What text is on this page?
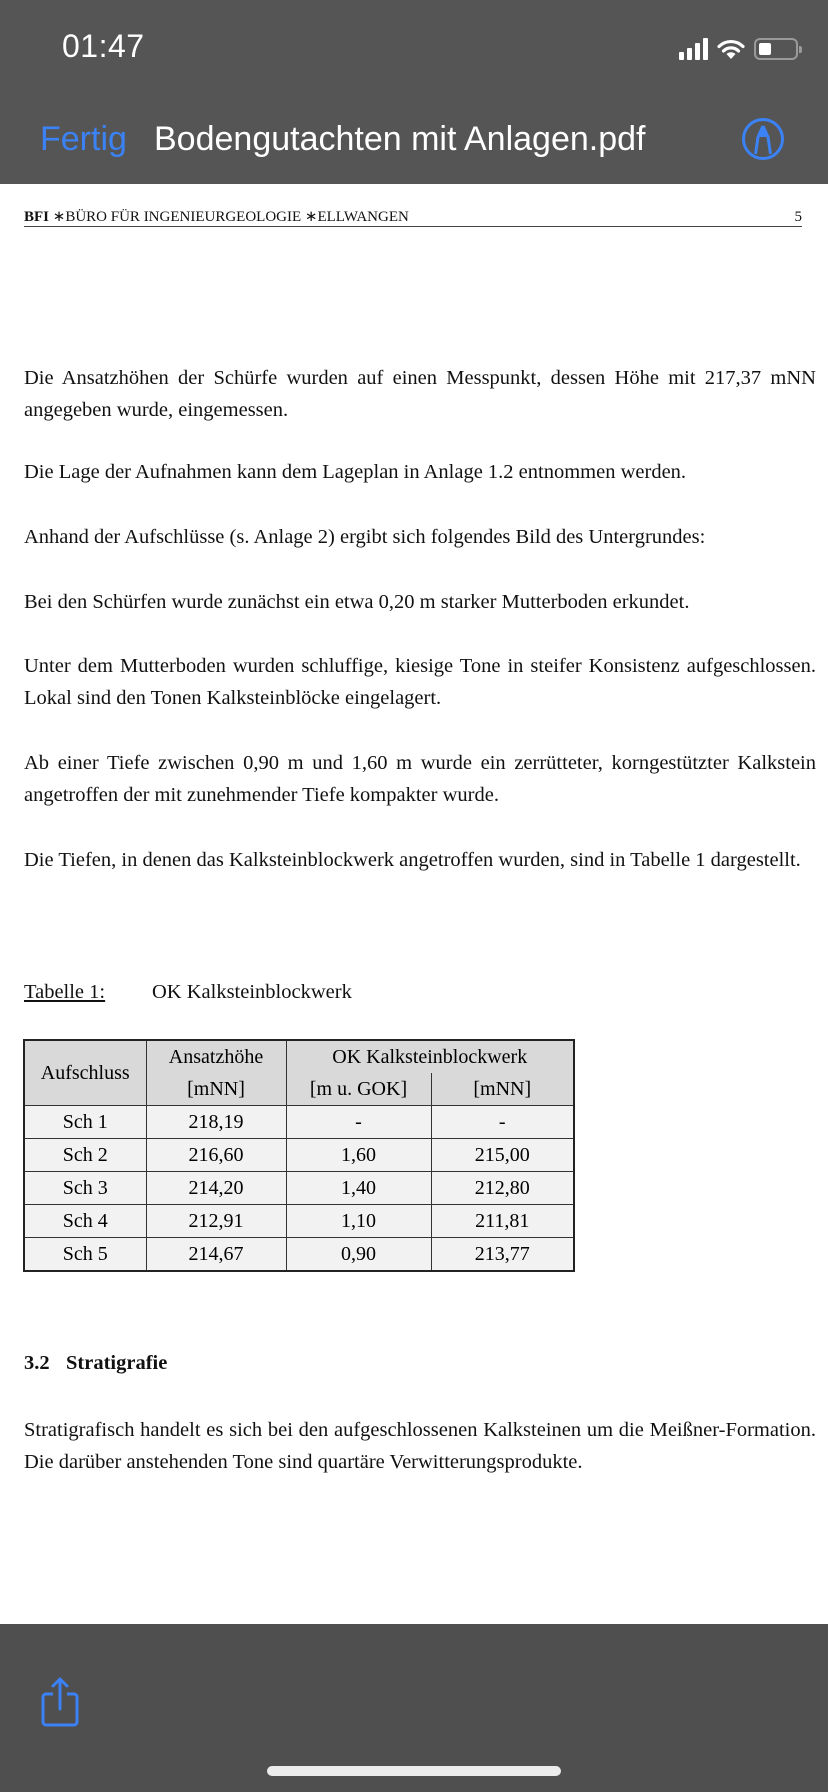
01:47
Fertig Bodengutachten mit Anlagen.pdf
BFI ∗BÜRO FÜR INGENIEURGEOLOGIE ∗ELLWANGEN	5
Die Ansatzhöhen der Schürfe wurden auf einen Messpunkt, dessen Höhe mit 217,37 mNN angegeben wurde, eingemessen.
Die Lage der Aufnahmen kann dem Lageplan in Anlage 1.2 entnommen werden.
Anhand der Aufschlüsse (s. Anlage 2) ergibt sich folgendes Bild des Untergrundes:
Bei den Schürfen wurde zunächst ein etwa 0,20 m starker Mutterboden erkundet.
Unter dem Mutterboden wurden schluffige, kiesige Tone in steifer Konsistenz aufgeschlossen. Lokal sind den Tonen Kalksteinblöcke eingelagert.
Ab einer Tiefe zwischen 0,90 m und 1,60 m wurde ein zerrütteter, korngestützter Kalkstein angetroffen der mit zunehmender Tiefe kompakter wurde.
Die Tiefen, in denen das Kalksteinblockwerk angetroffen wurden, sind in Tabelle 1 dargestellt.
Tabelle 1: OK Kalksteinblockwerk
3.2 Stratigrafie
Stratigrafisch handelt es sich bei den aufgeschlossenen Kalksteinen um die Meißner-Formation. Die darüber anstehenden Tone sind quartäre Verwitterungsprodukte.
Aufschluss	Ansatzhöhe	OK Kalksteinblockwerk	
	[mNN]	[m u. GOK]	[mNN]
Sch 1	218,19	-	-
Sch 2	216,60	1,60	215,00
Sch 3	214,20	1,40	212,80
Sch 4	212,91	1,10	211,81
Sch 5	214,67	0,90	213,77
